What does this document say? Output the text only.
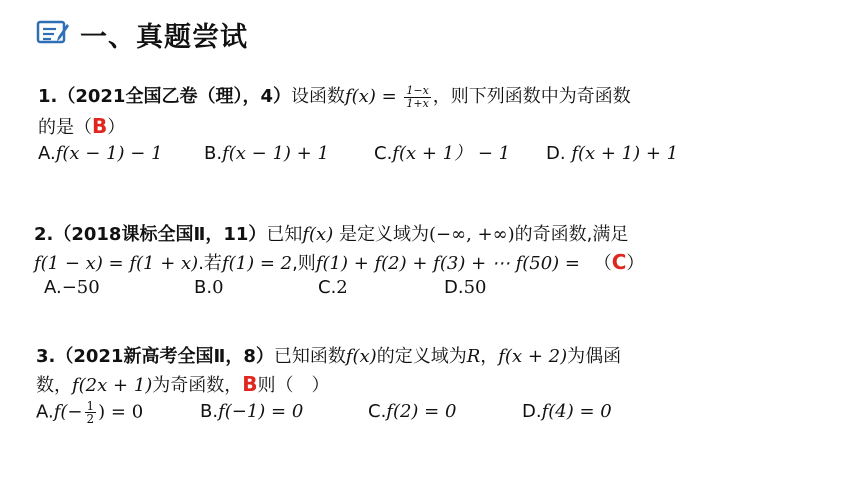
一、真题尝试
1.（2021全国乙卷（理），4）设函数$f(x) = \frac{1-x}{1+x}$ ，则下列函数中为奇函数
的是（B）
A.f(x − 1) − 1 B.f(x − 1) + 1	C.f(x + 1） − 1 D. f(x + 1) + 1
2.（2018课标全国Ⅱ，11）已知f(x) 是定义域为(−∞, +∞)的奇函数,满足
f(1 − x) = f(1 + x).若f(1) = 2,则f(1) + f(2) + f(3) + ⋯ f(50) = （C）
A.−50	B.0	C.2	D.50
3.（2021新高考全国Ⅱ，8）已知函数f(x)的定义域为R，f(x + 2)为偶函
数，f(2x + 1)为奇函数，B则（　）
$A.f(- \frac{1}{2}$ ) = 0	B.f(−1) = 0	C.f(2) = 0	D.f(4) = 0
